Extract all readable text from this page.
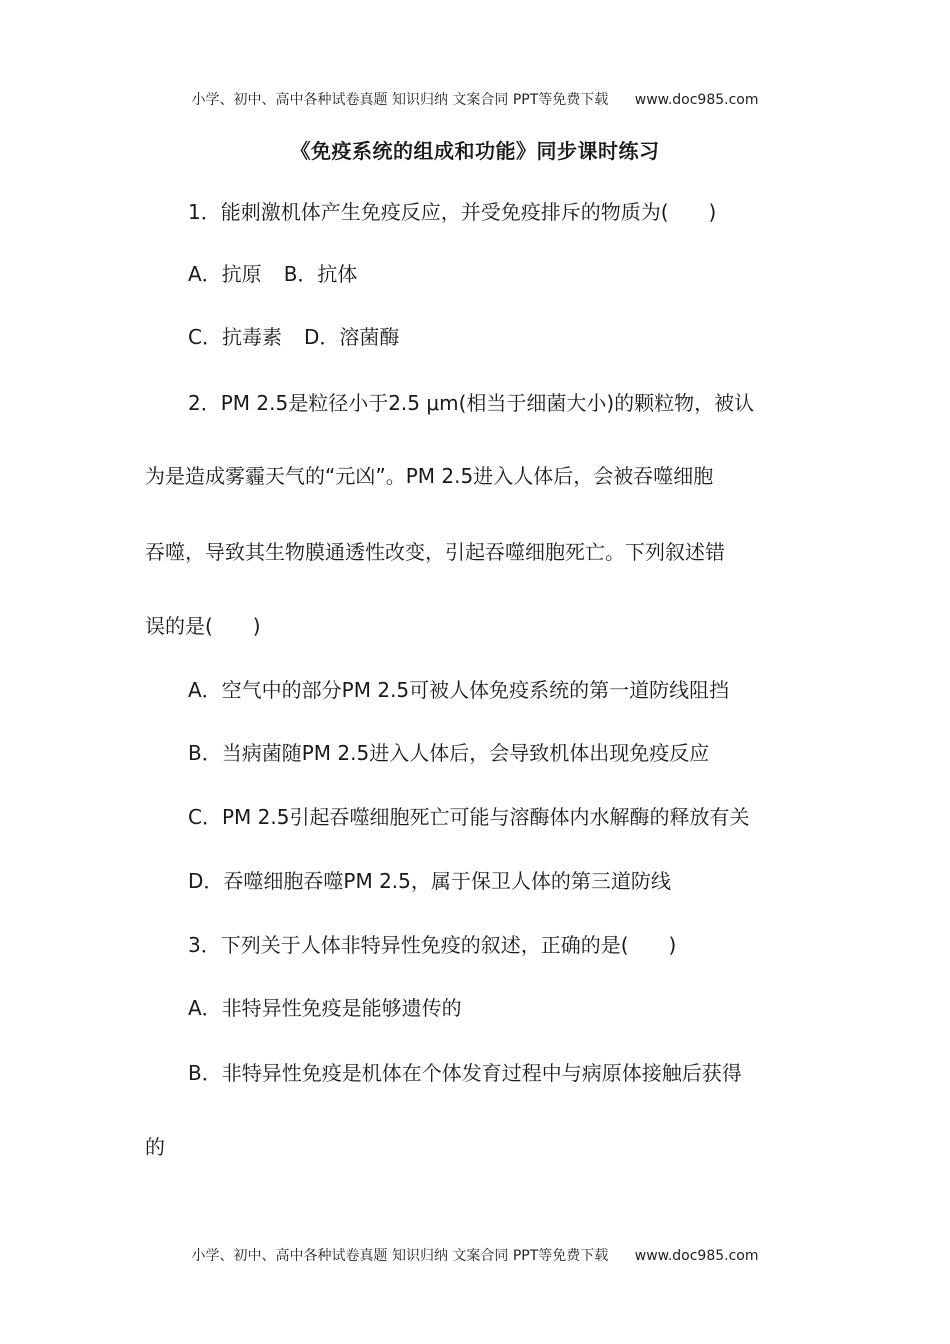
小学、初中、高中各种试卷真题 知识归纳 文案合同 PPT等免费下载 www.doc985.com
《免疫系统的组成和功能》同步课时练习
1．能刺激机体产生免疫反应，并受免疫排斥的物质为(　　)
A．抗原 B．抗体
C．抗毒素 D．溶菌酶
2．PM 2.5是粒径小于2.5 μm(相当于细菌大小)的颗粒物，被认
为是造成雾霾天气的“元凶”。PM 2.5进入人体后，会被吞噬细胞
吞噬，导致其生物膜通透性改变，引起吞噬细胞死亡。下列叙述错
误的是(　　)
A．空气中的部分PM 2.5可被人体免疫系统的第一道防线阻挡
B．当病菌随PM 2.5进入人体后，会导致机体出现免疫反应
C．PM 2.5引起吞噬细胞死亡可能与溶酶体内水解酶的释放有关
D．吞噬细胞吞噬PM 2.5，属于保卫人体的第三道防线
3．下列关于人体非特异性免疫的叙述，正确的是(　　)
A．非特异性免疫是能够遗传的
B．非特异性免疫是机体在个体发育过程中与病原体接触后获得
的
小学、初中、高中各种试卷真题 知识归纳 文案合同 PPT等免费下载 www.doc985.com
